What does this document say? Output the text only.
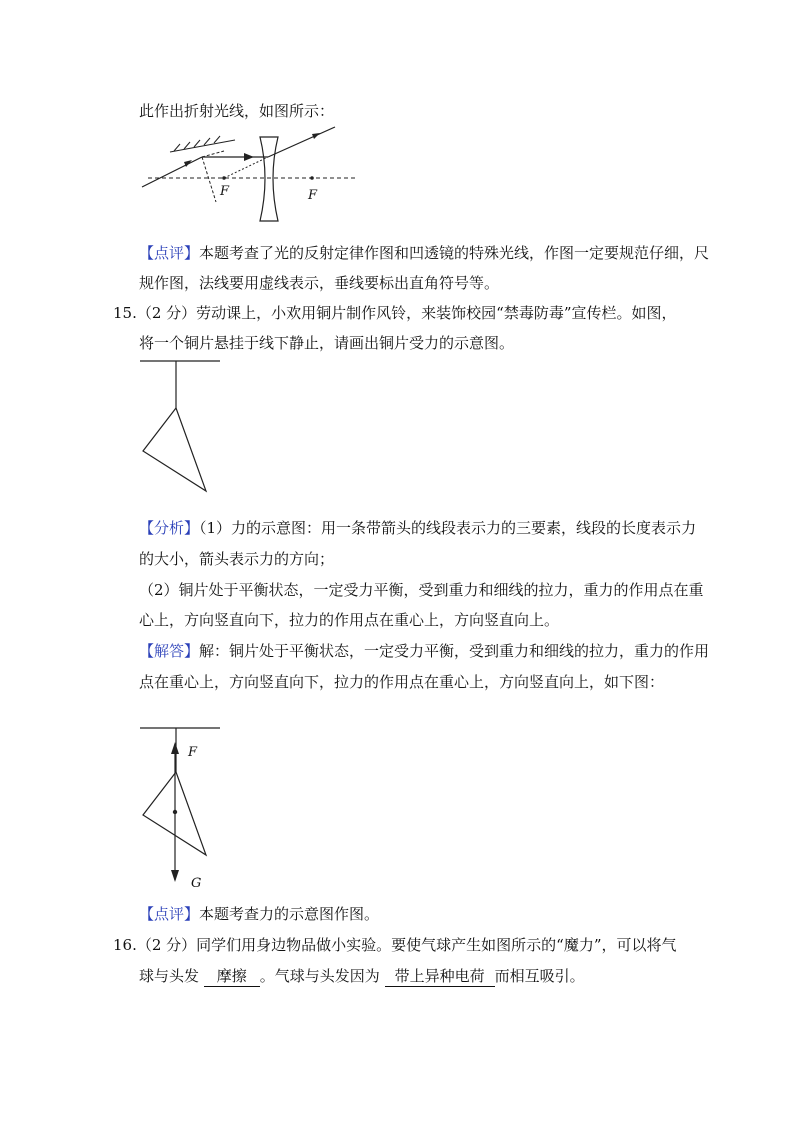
此作出折射光线，如图所示：
F	F
【点评】本题考查了光的反射定律作图和凹透镜的特殊光线，作图一定要规范仔细，尺
规作图，法线要用虚线表示，垂线要标出直角符号等。
15.（2 分）劳动课上，小欢用铜片制作风铃，来装饰校园“禁毒防毒”宣传栏。如图，
将一个铜片悬挂于线下静止，请画出铜片受力的示意图。
【分析】（1）力的示意图：用一条带箭头的线段表示力的三要素，线段的长度表示力
的大小，箭头表示力的方向；
（2）铜片处于平衡状态，一定受力平衡，受到重力和细线的拉力，重力的作用点在重
心上，方向竖直向下，拉力的作用点在重心上，方向竖直向上。
【解答】解：铜片处于平衡状态，一定受力平衡，受到重力和细线的拉力，重力的作用
点在重心上，方向竖直向下，拉力的作用点在重心上，方向竖直向上，如下图：
F
G
【点评】本题考查力的示意图作图。
16.（2 分）同学们用身边物品做小实验。要使气球产生如图所示的“魔力”，可以将气
球与头发 摩擦 。气球与头发因为 带上异种电荷 而相互吸引。
